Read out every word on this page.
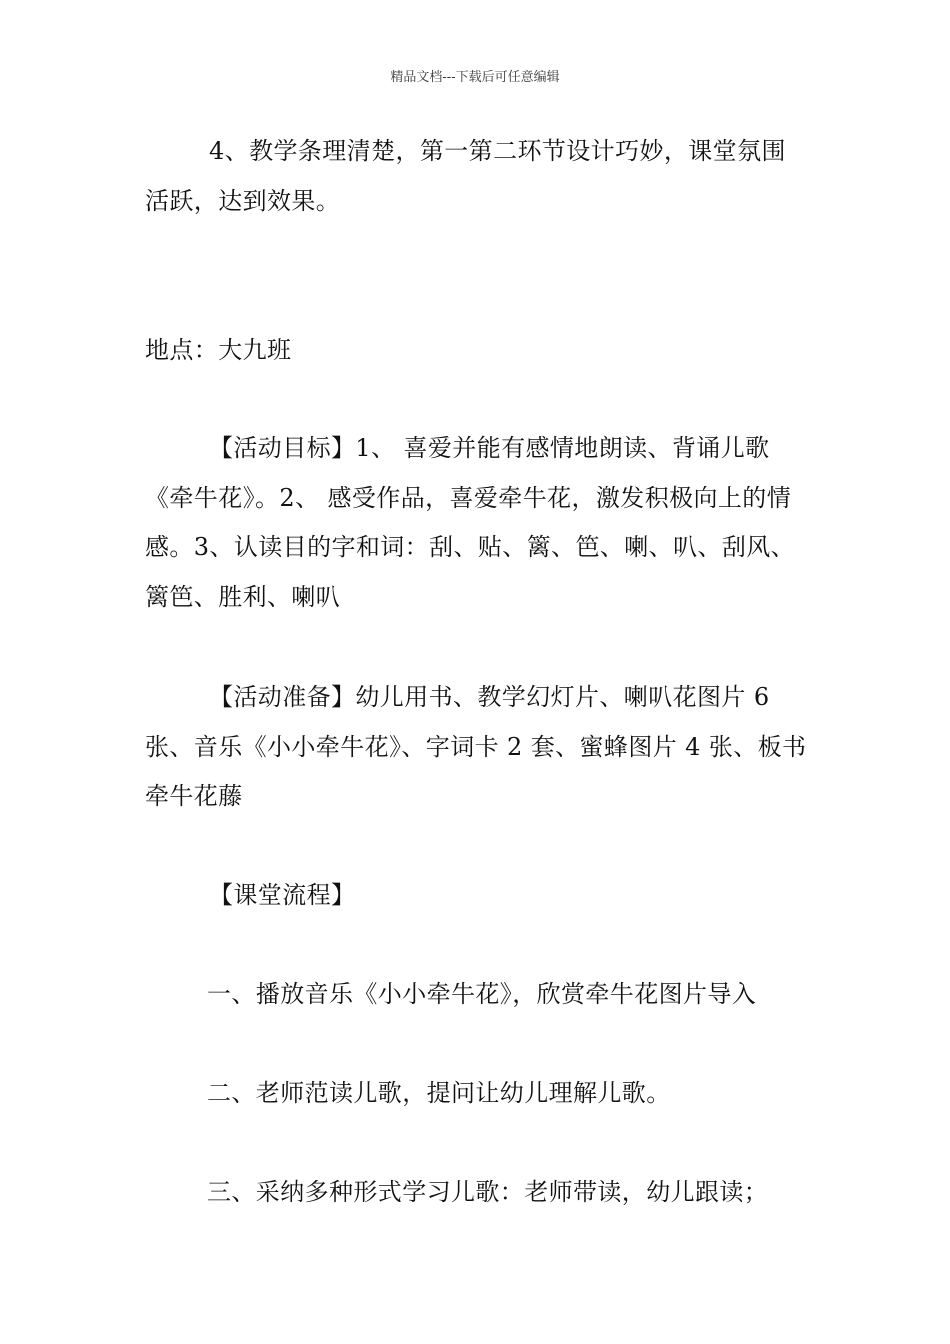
精品文档---下载后可任意编辑

4、教学条理清楚，第一第二环节设计巧妙，课堂氛围活跃，达到效果。

地点：大九班

【活动目标】1、 喜爱并能有感情地朗读、背诵儿歌《牵牛花》。2、 感受作品，喜爱牵牛花，激发积极向上的情感。3、认读目的字和词：刮、贴、篱、笆、喇、叭、刮风、篱笆、胜利、喇叭

【活动准备】幼儿用书、教学幻灯片、喇叭花图片 6 张、音乐《小小牵牛花》、字词卡 2 套、蜜蜂图片 4 张、板书牵牛花藤

【课堂流程】

一、播放音乐《小小牵牛花》，欣赏牵牛花图片导入

二、老师范读儿歌，提问让幼儿理解儿歌。

三、采纳多种形式学习儿歌：老师带读，幼儿跟读；
